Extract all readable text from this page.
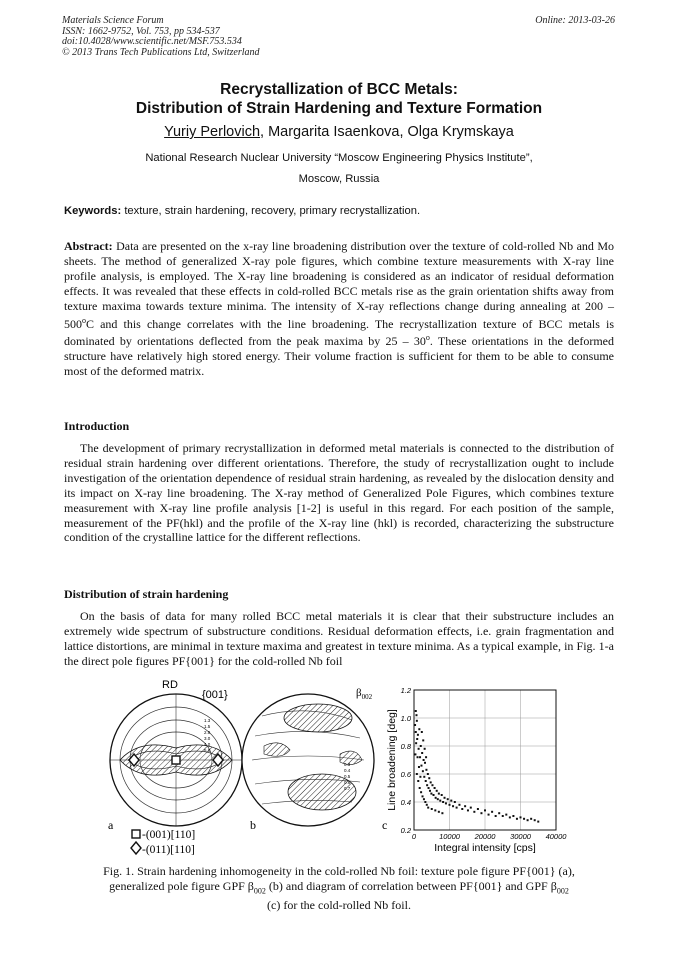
Materials Science Forum
ISSN: 1662-9752, Vol. 753, pp 534-537
doi:10.4028/www.scientific.net/MSF.753.534
© 2013 Trans Tech Publications Ltd, Switzerland
Online: 2013-03-26
Recrystallization of BCC Metals:
Distribution of Strain Hardening and Texture Formation
Yuriy Perlovich, Margarita Isaenkova, Olga Krymskaya
National Research Nuclear University “Moscow Engineering Physics Institute”,
Moscow, Russia
Keywords: texture, strain hardening, recovery, primary recrystallization.
Abstract: Data are presented on the x-ray line broadening distribution over the texture of cold-rolled Nb and Mo sheets. The method of generalized X-ray pole figures, which combine texture measurements with X-ray line profile analysis, is employed. The X-ray line broadening is considered as an indicator of residual deformation effects. It was revealed that these effects in cold-rolled BCC metals rise as the grain orientation shifts away from texture maxima towards texture minima. The intensity of X-ray reflections change during annealing at 200 – 500$^o$C and this change correlates with the line broadening. The recrystallization texture of BCC metals is dominated by orientations deflected from the peak maxima by 25 – 30$^o$. These orientations in the deformed structure have relatively high stored energy. Their volume fraction is sufficient for them to be able to consume most of the deformed matrix.
Introduction
The development of primary recrystallization in deformed metal materials is connected to the distribution of residual strain hardening over different orientations. Therefore, the study of recrystallization ought to include investigation of the orientation dependence of residual strain hardening, as revealed by the dislocation density and its impact on X-ray line broadening. The X-ray method of Generalized Pole Figures, which combines texture measurement with X-ray line profile analysis [1-2] is useful in this regard. For each position of the sample, measurement of the PF(hkl) and the profile of the X-ray line (hkl) is recorded, characterizing the substructure condition of the crystalline lattice for the different reflections.
Distribution of strain hardening
On the basis of data for many rolled BCC metal materials it is clear that their substructure includes an extremely wide spectrum of substructure conditions. Residual deformation effects, i.e. grain fragmentation and lattice distortions, are minimal in texture maxima and greatest in texture minima. As a typical example, in Fig. 1-a the direct pole figures PF{001} for the cold-rolled Nb foil
RD
{001}
1.3
1.5
2.0
3.0
4.0
5.0
a
-(001)[110]
-(011)[110]
$\beta_{002}$
0.3
0.4
0.5
0.6
0.7
b
0	10000 20000 30000 40000
0.2
0.4
0.6
0.8
1.0
1.2
Integral intensity [cps]
Line broadening [deg]
c
Fig. 1. Strain hardening inhomogeneity in the cold-rolled Nb foil: texture pole figure PF{001} (a),
generalized pole figure GPF $\beta_{002}$ (b) and diagram of correlation between PF{001} and GPF $\beta_{002}$
(c) for the cold-rolled Nb foil.
